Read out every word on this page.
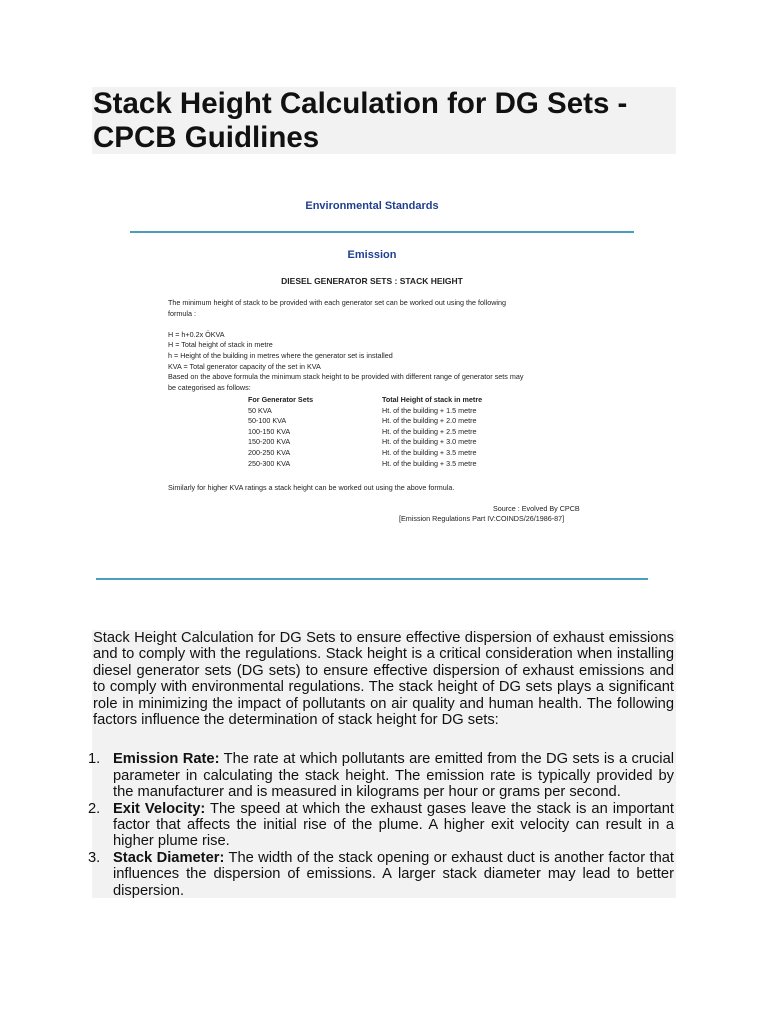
Stack Height Calculation for DG Sets -
CPCB Guidlines
Environmental Standards
Emission
DIESEL GENERATOR SETS : STACK HEIGHT
The minimum height of stack to be provided with each generator set can be worked out using the following
formula :

H = h+0.2x ÖKVA
H = Total height of stack in metre
h = Height of the building in metres where the generator set is installed
KVA = Total generator capacity of the set in KVA
Based on the above formula the minimum stack height to be provided with different range of generator sets may
be categorised as follows:
For Generator Sets
50 KVA
50-100 KVA
100-150 KVA
150-200 KVA
200-250 KVA
250-300 KVA
Total Height of stack in metre
Ht. of the building + 1.5 metre
Ht. of the building + 2.0 metre
Ht. of the building + 2.5 metre
Ht. of the building + 3.0 metre
Ht. of the building + 3.5 metre
Ht. of the building + 3.5 metre
Similarly for higher KVA ratings a stack height can be worked out using the above formula.
Source : Evolved By CPCB
[Emission Regulations Part IV:COINDS/26/1986-87]

Stack Height Calculation for DG Sets to ensure effective dispersion of exhaust emissions and to comply with the regulations. Stack height is a critical consideration when installing diesel generator sets (DG sets) to ensure effective dispersion of exhaust emissions and to comply with environmental regulations. The stack height of DG sets plays a significant role in minimizing the impact of pollutants on air quality and human health. The following factors influence the determination of stack height for DG sets:

1. Emission Rate: The rate at which pollutants are emitted from the DG sets is a crucial parameter in calculating the stack height. The emission rate is typically provided by the manufacturer and is measured in kilograms per hour or grams per second.
2. Exit Velocity: The speed at which the exhaust gases leave the stack is an important factor that affects the initial rise of the plume. A higher exit velocity can result in a higher plume rise.
3. Stack Diameter: The width of the stack opening or exhaust duct is another factor that influences the dispersion of emissions. A larger stack diameter may lead to better dispersion.
